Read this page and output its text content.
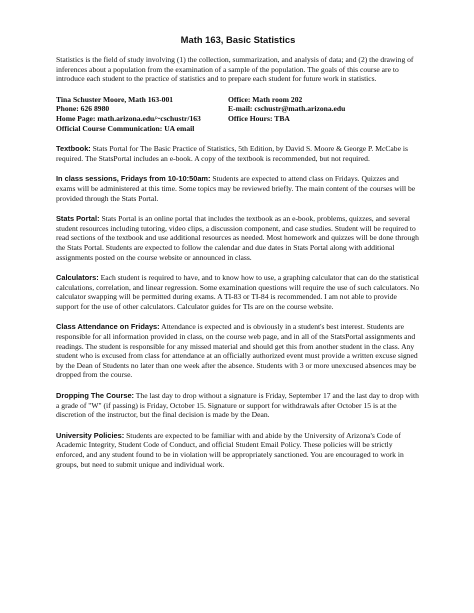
Math 163, Basic Statistics

Statistics is the field of study involving (1) the collection, summarization, and analysis of data; and (2) the drawing of inferences about a population from the examination of a sample of the population. The goals of this course are to introduce each student to the practice of statistics and to prepare each student for future work in statistics.

Tina Schuster Moore, Math 163-001	Office: Math room 202
Phone: 626 8980	E-mail: cschustr@math.arizona.edu
Home Page: math.arizona.edu/~cschustr/163	Office Hours: TBA
Official Course Communication: UA email

Textbook: Stats Portal for The Basic Practice of Statistics, 5th Edition, by David S. Moore & George P. McCabe is required. The StatsPortal includes an e-book. A copy of the textbook is recommended, but not required.

In class sessions, Fridays from 10-10:50am: Students are expected to attend class on Fridays. Quizzes and exams will be administered at this time. Some topics may be reviewed briefly. The main content of the courses will be provided through the Stats Portal.

Stats Portal: Stats Portal is an online portal that includes the textbook as an e-book, problems, quizzes, and several student resources including tutoring, video clips, a discussion component, and case studies. Student will be required to read sections of the textbook and use additional resources as needed. Most homework and quizzes will be done through the Stats Portal. Students are expected to follow the calendar and due dates in Stats Portal along with additional assignments posted on the course website or announced in class.

Calculators: Each student is required to have, and to know how to use, a graphing calculator that can do the statistical calculations, correlation, and linear regression. Some examination questions will require the use of such calculators. No calculator swapping will be permitted during exams. A TI-83 or TI-84 is recommended. I am not able to provide support for the use of other calculators. Calculator guides for TIs are on the course website.

Class Attendance on Fridays: Attendance is expected and is obviously in a student's best interest. Students are responsible for all information provided in class, on the course web page, and in all of the StatsPortal assignments and readings. The student is responsible for any missed material and should get this from another student in the class. Any student who is excused from class for attendance at an officially authorized event must provide a written excuse signed by the Dean of Students no later than one week after the absence. Students with 3 or more unexcused absences may be dropped from the course.

Dropping The Course: The last day to drop without a signature is Friday, September 17 and the last day to drop with a grade of "W" (if passing) is Friday, October 15. Signature or support for withdrawals after October 15 is at the discretion of the instructor, but the final decision is made by the Dean.

University Policies: Students are expected to be familiar with and abide by the University of Arizona's Code of Academic Integrity, Student Code of Conduct, and official Student Email Policy. These policies will be strictly enforced, and any student found to be in violation will be appropriately sanctioned. You are encouraged to work in groups, but need to submit unique and individual work.
